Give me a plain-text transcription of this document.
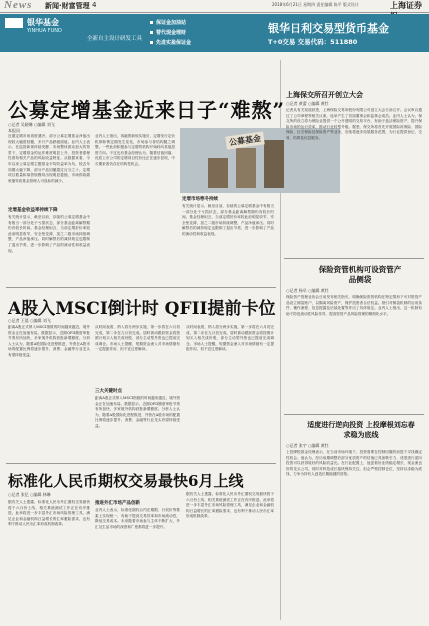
News 新闻·财富管理 4	2018年6月21日 星期四 责任编辑 陈平 版式设计	上海证券
银华基金
YINHUA FUND
全新自主设计研发工具
保证金加油站
替代现金理财
先进实盈保证金
银华日利交易型货币基金
T+0交易 交易代码：511880
公募定增基金近来日子“难熬”
○记者 吴晓琳 ○编辑 刘飞
本报讯
近期定增市场再度遇冷，部分公募定增基金净值出现较大幅度回撤，多只产品跌破面值。业内人士表示，在监管新规持续发酵、市场整体波动加大的背景下，定增基金的运作难度明显上升，投资者需理性看待相关产品的风险收益特征。从数据来看，今年以来公募定增主题基金平均收益率为负，较去年同期大幅下降，部分产品回撤超过百分之十。定增项目数量和募资规模均出现明显萎缩，市场供给端收缩导致基金管理人可选标的减少。
定增基金收益率持续下降
有关统计显示，截至目前，存续的公募定增基金中有相当一部分处于亏损状态，部分基金距离解禁期仍有较长时间。基金经理坦言，当前定增折价率较此前明显收窄，安全垫变薄，加之二级市场持续调整，产品净值承压。同时解禁后的减持规定也限制了退出节奏，进一步影响了产品的流动性和收益表现。
业内人士指出，再融资新规实施后，定增发行定价机制和锁定期发生变化，市场参与者结构随之调整。一些此前积极参与定增的机构开始转向其他投资方向。不过也有基金经理认为，随着估值回落，优质上市公司的定增项目性价比正在逐步显现，中长期来看仍存在结构性机会。
定增市场寒冬持续
有关统计显示，截至目前，存续的公募定增基金中有相当一部分处于亏损状态，部分基金距离解禁期仍有较长时间。基金经理坦言，当前定增折价率较此前明显收窄，安全垫变薄，加之二级市场持续调整，产品净值承压。同时解禁后的减持规定也限制了退出节奏，进一步影响了产品的流动性和收益表现。
公募基金
A股入MSCI倒计时 QFII提前卡位
○记者 王晨 ○编辑 刘飞
距离A股正式纳入MSCI指数的时间越来越近，境外资金正在加速布局。数据显示，近期QFII额度审批节奏有所加快，多家境外机构获批新增额度。分析人士认为，随着A股国际化进程推进，外资在A股市场的配置比例将逐步提升，消费、金融等行业龙头有望持续受益。
三大关键时点
从时间表看，纳入将分两步实施，第一步将在六月初完成，第二步在九月初完成。届时被动跟踪资金将按照计划买入相关成份股，部分主动型外资也已提前完成调仓。市场人士提醒，短期资金流入对市场情绪有一定提振作用，但不宜过度解读。
距离A股正式纳入MSCI指数的时间越来越近，境外资金正在加速布局。数据显示，近期QFII额度审批节奏有所加快，多家境外机构获批新增额度。分析人士认为，随着A股国际化进程推进，外资在A股市场的配置比例将逐步提升，消费、金融等行业龙头有望持续受益。
从时间表看，纳入将分两步实施，第一步将在六月初完成，第二步在九月初完成。届时被动跟踪资金将按照计划买入相关成份股，部分主动型外资也已提前完成调仓。市场人士提醒，短期资金流入对市场情绪有一定提振作用，但不宜过度解读。
标准化人民币期权交易最快6月上线
○记者 张忆 ○编辑 林琳
据有关人士透露，标准化人民币外汇期权交易最快将于六月份上线，相关系统测试工作正在有序推进。此举将进一步丰富外汇市场风险管理工具，满足企业和金融机构日益增长的汇率避险需求，也有利于推动人民币汇率形成机制改革。
推进外汇市场产品创新
业内人士表示，标准化期权合约在期限、行权价等要素上实现统一，有助于提高交易效率和市场流动性，降低交易成本。未来随着市场参与主体不断扩大，外汇衍生品市场的深度和广度都将进一步提升。
据有关人士透露，标准化人民币外汇期权交易最快将于六月份上线，相关系统测试工作正在有序推进。此举将进一步丰富外汇市场风险管理工具，满足企业和金融机构日益增长的汇率避险需求，也有利于推动人民币汇率形成机制改革。
上海保交所召开创立大会
○记者 黄蕾 ○编辑 黄牡
记者从有关渠道获悉，上海保险交易所股份有限公司创立大会日前召开。会议审议通过了公司章程等相关议案，选举产生了首届董事会和监事会成员。业内人士认为，保交所的设立将为保险业提供一个公开透明的交易平台，有助于盘活保险资产，提升保险市场的运行效率，推动行业转型升级。据悉，保交所将首先开展国际再保险、国际保险、巨灾保险及保险资产等业务，后续将逐步拓展服务范围，为行业提供登记、交易、结算及信息服务。
保险资管机构可设资管产品侧袋
○记者 杨早 ○编辑 黄牡
保险资产管理业协会日前发布相关指引，明确保险资管机构在特定情形下可对资管产品设立侧袋账户，以隔离风险资产，保护投资者合法权益。指引对侧袋机制的启用条件、操作流程、信息披露及后续处置等作出了具体规定。业内人士指出，这一机制有助于防范流动性风险传导，提高资管产品风险管理的精细化水平。
适度进行逆向投资 上投摩根刘忘春求稳为底线
○记者 张宇 ○编辑 黄牡
上投摩根基金经理表示，在当前市场环境下，投资需要在控制回撤的前提下寻找确定性机会。他认为，经历前期调整后部分优质资产的估值已具备吸引力，适度进行逆向投资可以获得较好的风险收益比。在行业配置上，他更看好业绩稳定增长、现金流良好的龙头公司，同时对科技成长板块保持关注，但会严格控制仓位，坚持以求稳为底线，力争为持有人创造长期稳健的回报。
